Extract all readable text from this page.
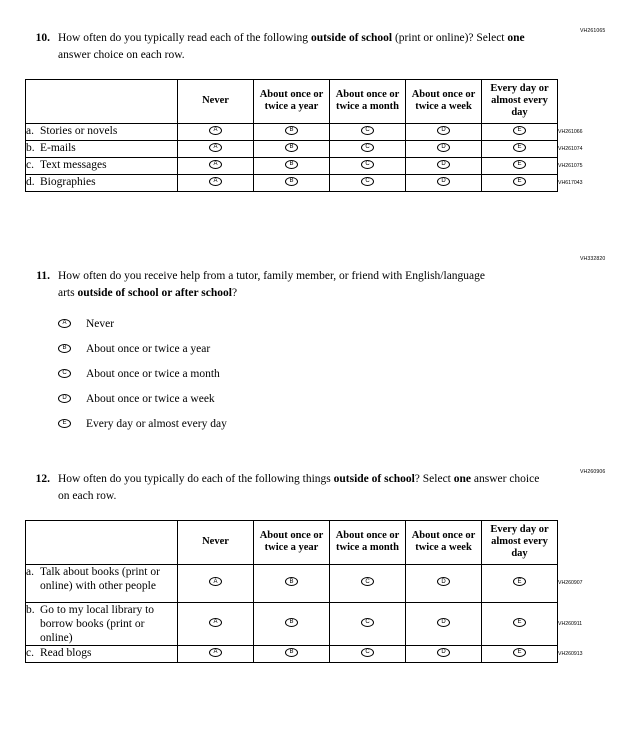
VH261065
10. How often do you typically read each of the following outside of school (print or online)? Select one answer choice on each row.
	Never	About once or twice a year	About once or twice a month	About once or twice a week	Every day or almost every day	
a. Stories or novels	A	B	C	D	E	VH261066
b. E-mails	A	B	C	D	E	VH261074
c. Text messages	A	B	C	D	E	VH261075
d. Biographies	A	B	C	D	E	VH617043
VH332820
11. How often do you receive help from a tutor, family member, or friend with English/language arts outside of school or after school?
A	Never
B	About once or twice a year
C	About once or twice a month
D	About once or twice a week
E	Every day or almost every day
VH260906
12. How often do you typically do each of the following things outside of school? Select one answer choice on each row.
	Never	About once or twice a year	About once or twice a month	About once or twice a week	Every day or almost every day	
a. Talk about books (print or online) with other people	A	B	C	D	E	VH260907
b. Go to my local library to borrow books (print or online)	A	B	C	D	E	VH260911
c. Read blogs	A	B	C	D	E	VH260913
